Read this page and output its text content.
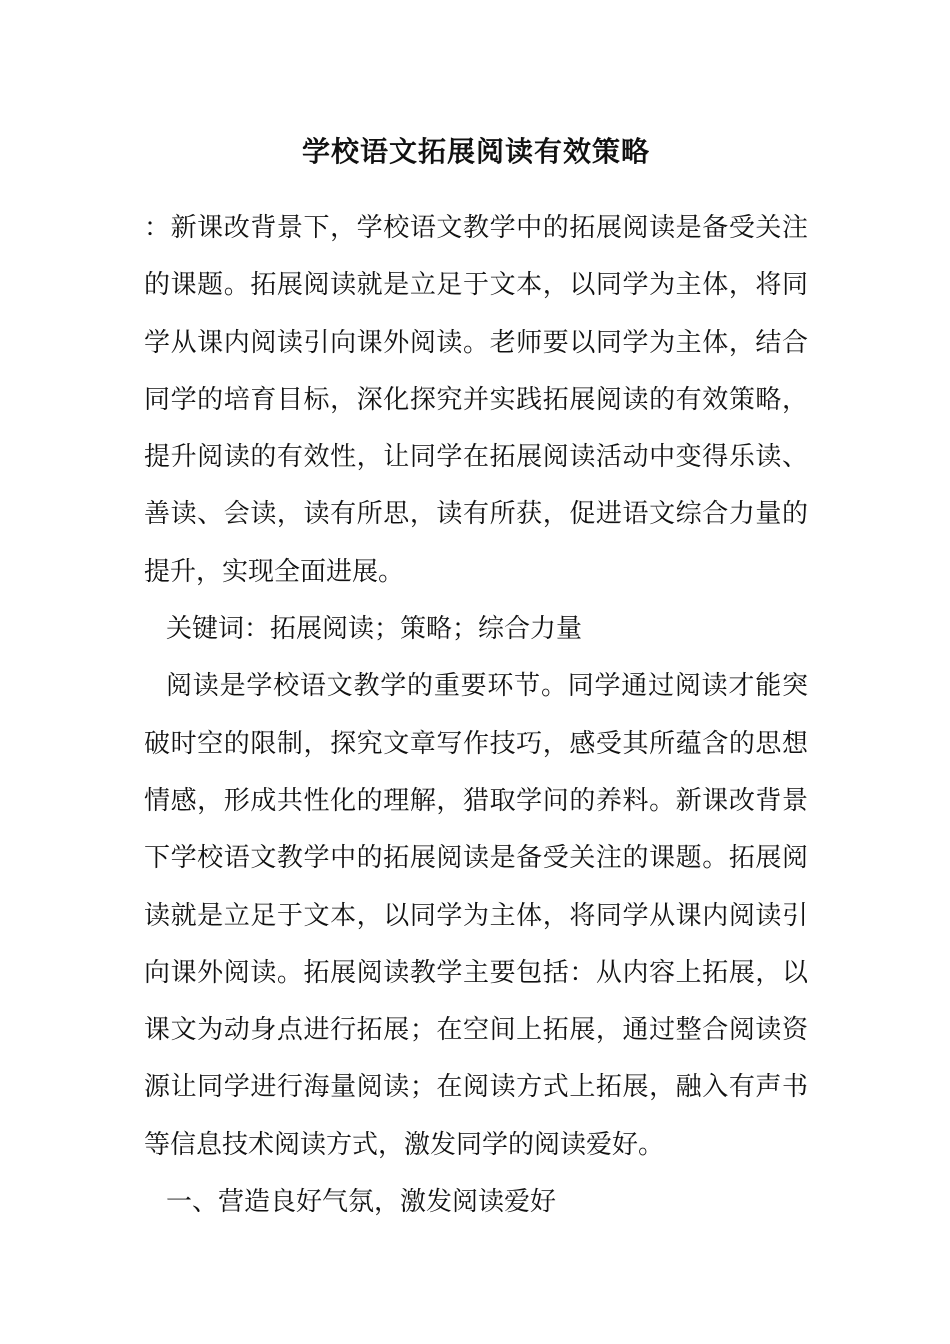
学校语文拓展阅读有效策略

：新课改背景下，学校语文教学中的拓展阅读是备受关注的课题。拓展阅读就是立足于文本，以同学为主体，将同学从课内阅读引向课外阅读。老师要以同学为主体，结合同学的培育目标，深化探究并实践拓展阅读的有效策略，提升阅读的有效性，让同学在拓展阅读活动中变得乐读、善读、会读，读有所思，读有所获，促进语文综合力量的提升，实现全面进展。

关键词：拓展阅读；策略；综合力量

阅读是学校语文教学的重要环节。同学通过阅读才能突破时空的限制，探究文章写作技巧，感受其所蕴含的思想情感，形成共性化的理解，猎取学问的养料。新课改背景下学校语文教学中的拓展阅读是备受关注的课题。拓展阅读就是立足于文本，以同学为主体，将同学从课内阅读引向课外阅读。拓展阅读教学主要包括：从内容上拓展，以课文为动身点进行拓展；在空间上拓展，通过整合阅读资源让同学进行海量阅读；在阅读方式上拓展，融入有声书等信息技术阅读方式，激发同学的阅读爱好。

一、营造良好气氛，激发阅读爱好
